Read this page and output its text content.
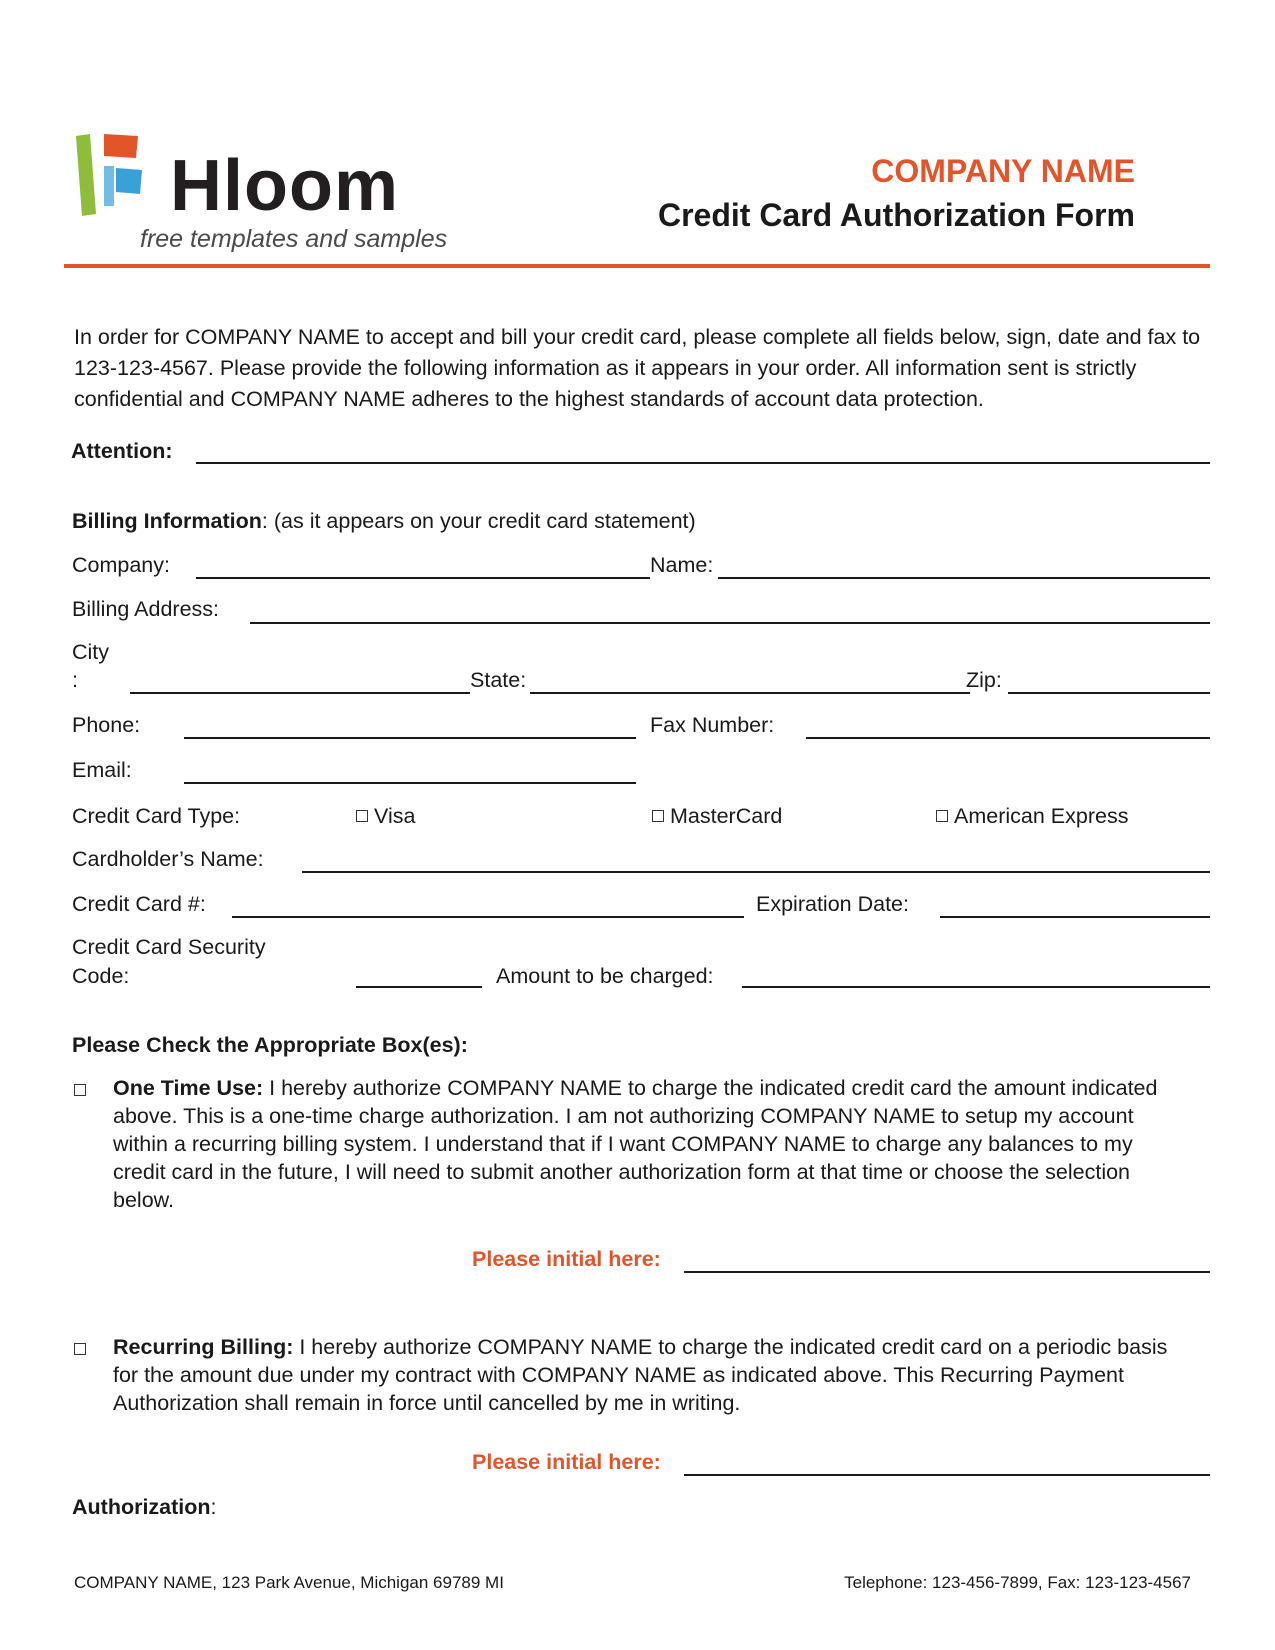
Hloom
free templates and samples
COMPANY NAME
Credit Card Authorization Form
In order for COMPANY NAME to accept and bill your credit card, please complete all fields below, sign, date and fax to 123-123-4567. Please provide the following information as it appears in your order. All information sent is strictly confidential and COMPANY NAME adheres to the highest standards of account data protection.
Attention:
Billing Information: (as it appears on your credit card statement)
Company:	Name:
Billing Address:
City
:	State:	Zip:
Phone:	Fax Number:
Email:
Credit Card Type:	Visa	MasterCard	American Express
Cardholder’s Name:
Credit Card #:	Expiration Date:
Credit Card Security
Code:	Amount to be charged:
Please Check the Appropriate Box(es):
One Time Use: I hereby authorize COMPANY NAME to charge the indicated credit card the amount indicated above. This is a one-time charge authorization. I am not authorizing COMPANY NAME to setup my account within a recurring billing system. I understand that if I want COMPANY NAME to charge any balances to my credit card in the future, I will need to submit another authorization form at that time or choose the selection below.
Please initial here:
Recurring Billing: I hereby authorize COMPANY NAME to charge the indicated credit card on a periodic basis for the amount due under my contract with COMPANY NAME as indicated above. This Recurring Payment Authorization shall remain in force until cancelled by me in writing.
Please initial here:
Authorization:
COMPANY NAME, 123 Park Avenue, Michigan 69789 MI	Telephone: 123-456-7899, Fax: 123-123-4567
